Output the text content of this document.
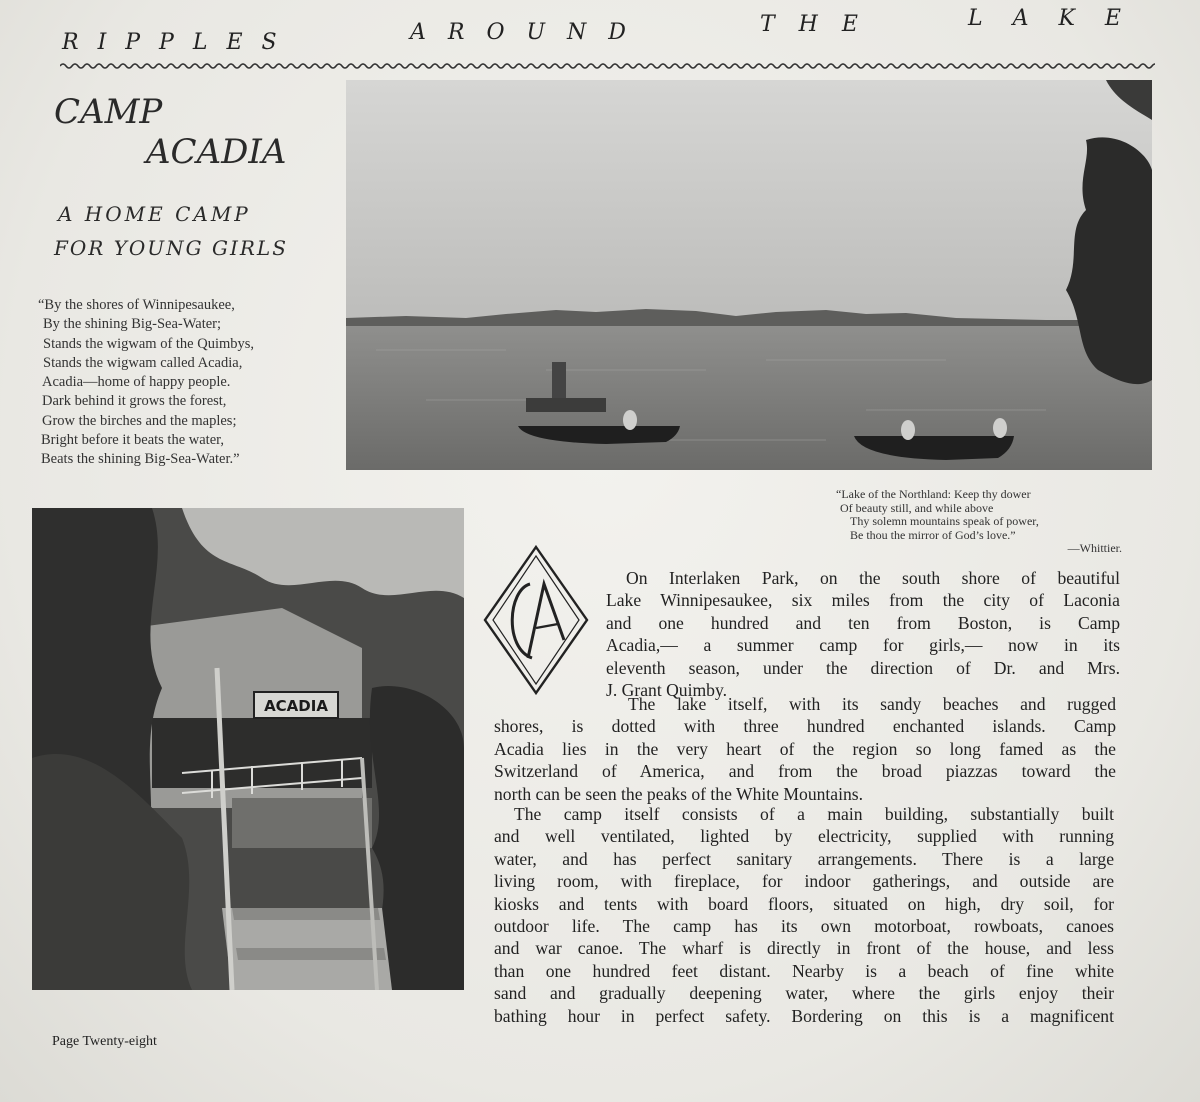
RIPPLES	AROUND	THE	LAKE
CAMP
ACADIA
A HOME CAMP
FOR YOUNG GIRLS
“By the shores of Winnipesaukee,
By the shining Big-Sea-Water;
Stands the wigwam of the Quimbys,
Stands the wigwam called Acadia,
Acadia—home of happy people.
Dark behind it grows the forest,
Grow the birches and the maples;
Bright before it beats the water,
Beats the shining Big-Sea-Water.”
“Lake of the Northland: Keep thy dower
Of beauty still, and while above
Thy solemn mountains speak of power,
Be thou the mirror of God’s love.”
—Whittier.
ACADIA
CA
On Interlaken Park, on the south shore of beautiful
Lake Winnipesaukee, six miles from the city of Laconia
and one hundred and ten from Boston, is Camp
Acadia,— a summer camp for girls,— now in its
eleventh season, under the direction of Dr. and Mrs.
J. Grant Quimby.
The lake itself, with its sandy beaches and rugged
shores, is dotted with three hundred enchanted islands. Camp
Acadia lies in the very heart of the region so long famed as the
Switzerland of America, and from the broad piazzas toward the
north can be seen the peaks of the White Mountains.
The camp itself consists of a main building, substantially built
and well ventilated, lighted by electricity, supplied with running
water, and has perfect sanitary arrangements. There is a large
living room, with fireplace, for indoor gatherings, and outside are
kiosks and tents with board floors, situated on high, dry soil, for
outdoor life. The camp has its own motorboat, rowboats, canoes
and war canoe. The wharf is directly in front of the house, and less
than one hundred feet distant. Nearby is a beach of fine white
sand and gradually deepening water, where the girls enjoy their
bathing hour in perfect safety. Bordering on this is a magnificent
Page Twenty-eight
